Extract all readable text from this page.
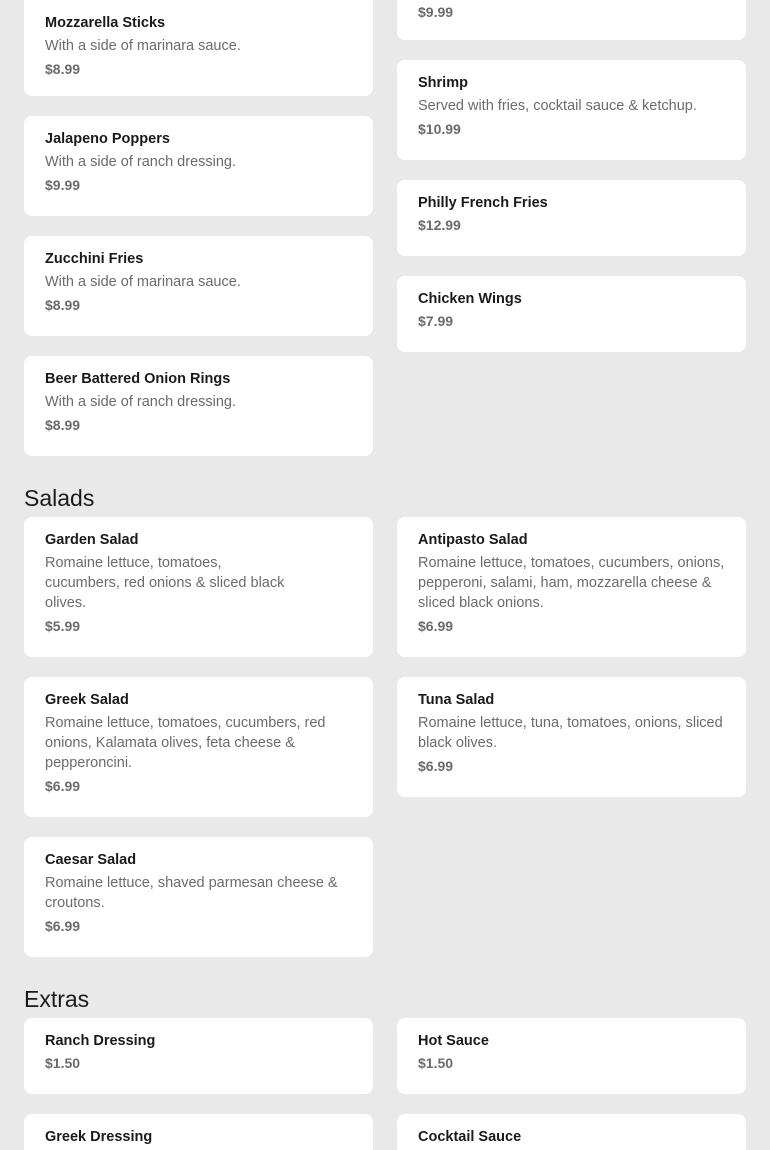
Mozzarella Sticks
With a side of marinara sauce.
$8.99
Jalapeno Poppers
With a side of ranch dressing.
$9.99
Zucchini Fries
With a side of marinara sauce.
$8.99
Beer Battered Onion Rings
With a side of ranch dressing.
$8.99
$9.99
Shrimp
Served with fries, cocktail sauce & ketchup.
$10.99
Philly French Fries
$12.99
Chicken Wings
$7.99
Salads
Garden Salad
Romaine lettuce, tomatoes, cucumbers, red onions & sliced black olives.
$5.99
Antipasto Salad
Romaine lettuce, tomatoes, cucumbers, onions, pepperoni, salami, ham, mozzarella cheese & sliced black onions.
$6.99
Greek Salad
Romaine lettuce, tomatoes, cucumbers, red onions, Kalamata olives, feta cheese & pepperoncini.
$6.99
Tuna Salad
Romaine lettuce, tuna, tomatoes, onions, sliced black olives.
$6.99
Caesar Salad
Romaine lettuce, shaved parmesan cheese & croutons.
$6.99
Extras
Ranch Dressing
$1.50
Hot Sauce
$1.50
Greek Dressing	Cocktail Sauce
